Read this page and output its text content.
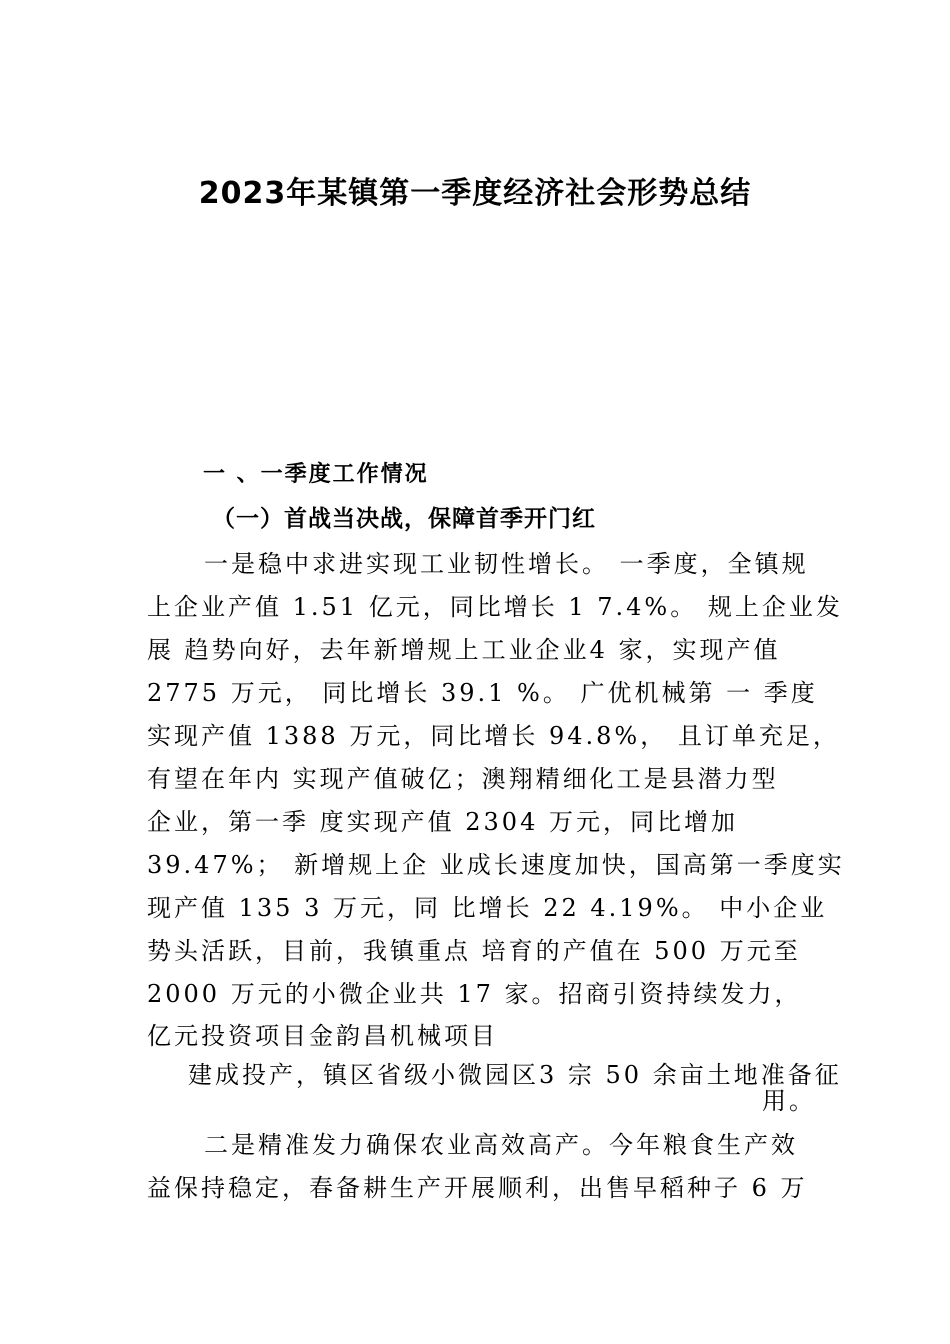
2023年某镇第一季度经济社会形势总结
一 、一季度工作情况
（一）首战当决战，保障首季开门红
一是稳中求进实现工业韧性增长。 一季度，全镇规
上企业产值 1.51 亿元，同比增长 1 7.4%。 规上企业发
展 趋势向好，去年新增规上工业企业4 家，实现产值
2775 万元， 同比增长 39.1 %。 广优机械第 一 季度
实现产值 1388 万元，同比增长 94.8%， 且订单充足，
有望在年内 实现产值破亿；澳翔精细化工是县潜力型
企业，第一季 度实现产值 2304 万元，同比增加
39.47%； 新增规上企 业成长速度加快，国高第一季度实
现产值 135 3 万元，同 比增长 22 4.19%。 中小企业
势头活跃，目前，我镇重点 培育的产值在 500 万元至
2000 万元的小微企业共 17 家。招商引资持续发力，
亿元投资项目金韵昌机械项目
建成投产，镇区省级小微园区3 宗 50 余亩土地准备征
用。
二是精准发力确保农业高效高产。今年粮食生产效
益保持稳定，春备耕生产开展顺利，出售早稻种子 6 万
